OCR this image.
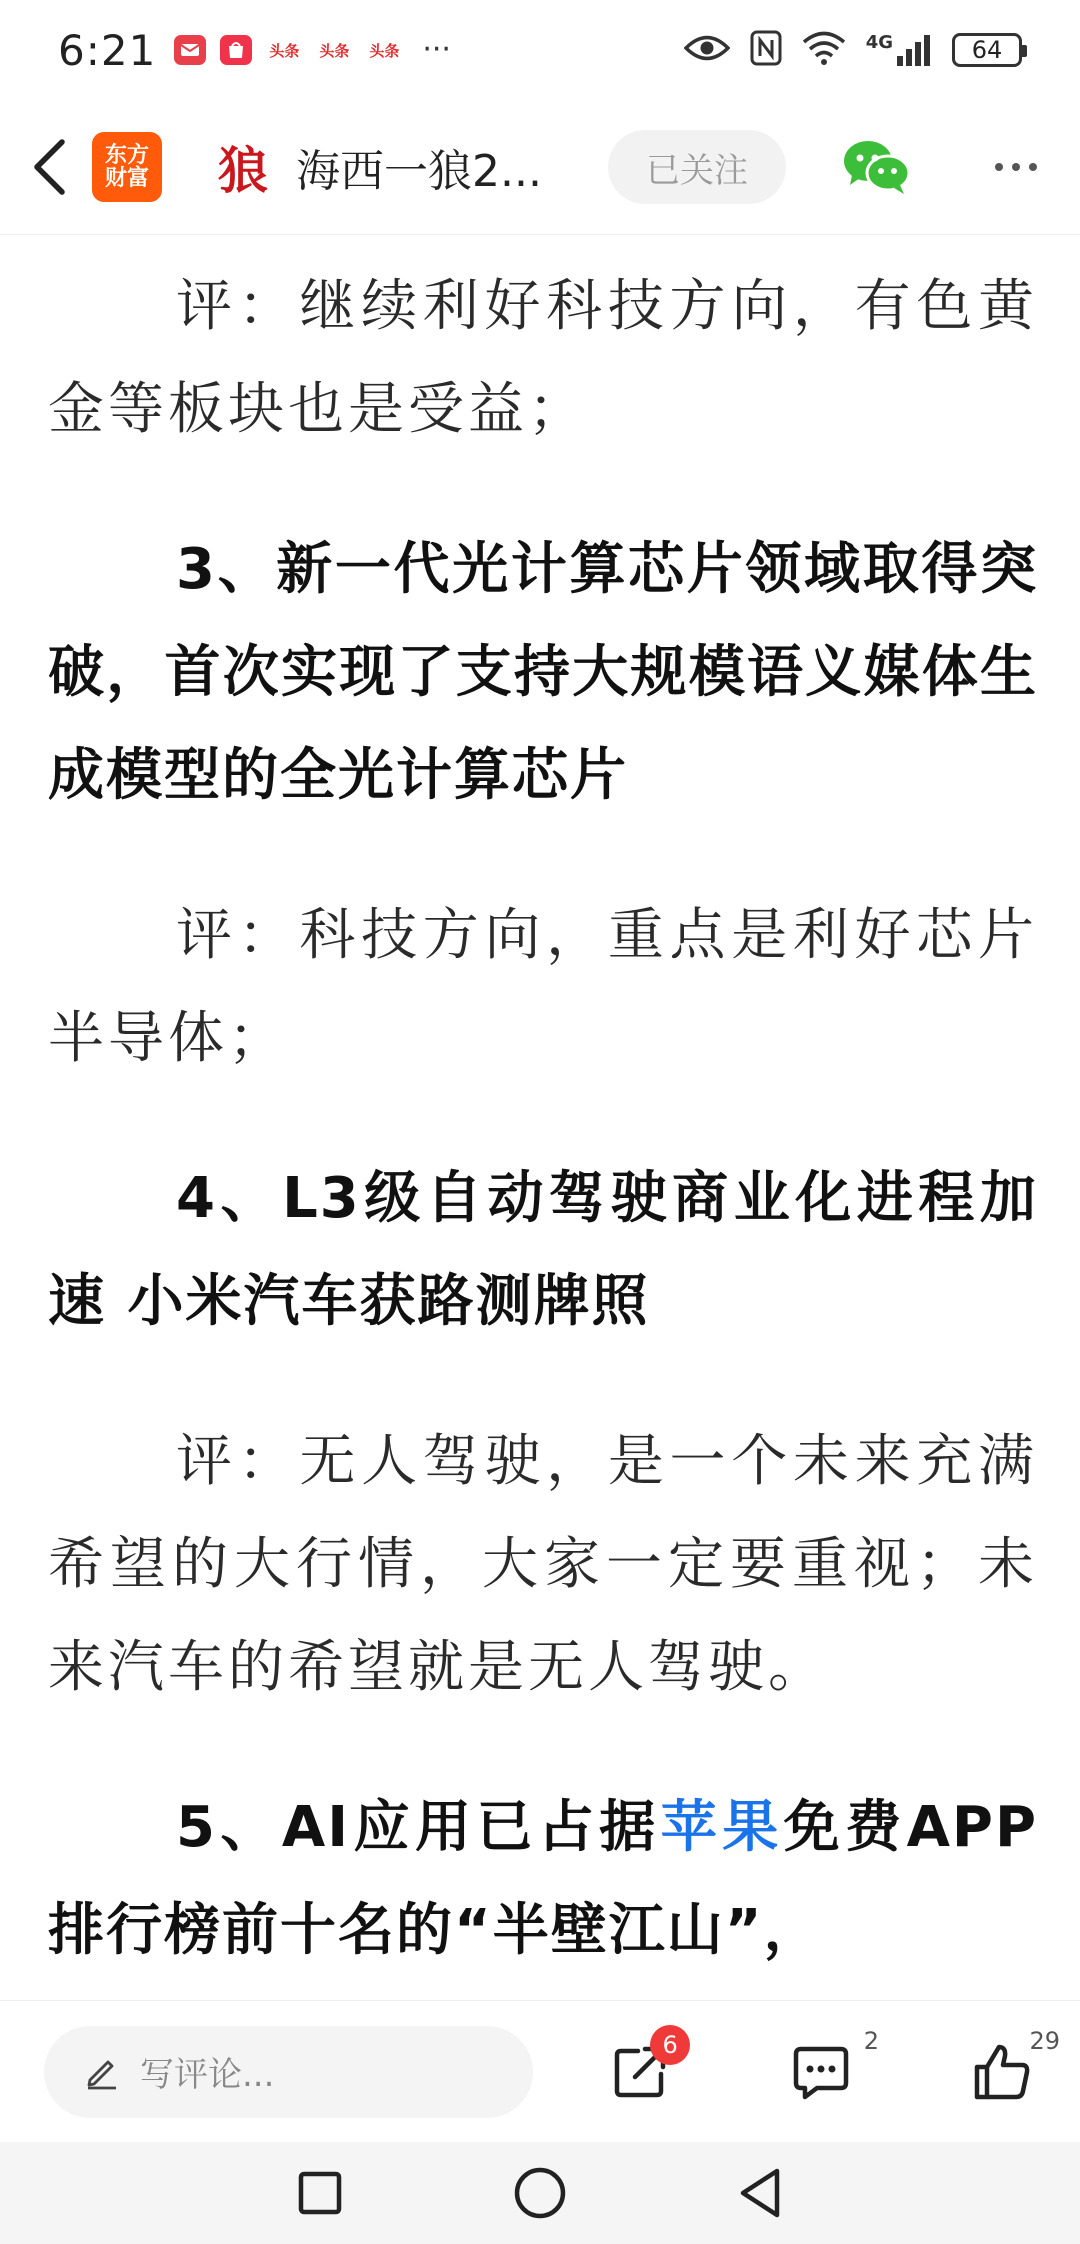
6:21	头条 头条 头条 ···	4G	64
东方
财富 狼 海西一狼2...	已关注

评：继续利好科技方向，有色黄金等板块也是受益；

3、新一代光计算芯片领域取得突破，首次实现了支持大规模语义媒体生成模型的全光计算芯片

评：科技方向，重点是利好芯片半导体；

4、L3级自动驾驶商业化进程加速 小米汽车获路测牌照

评：无人驾驶，是一个未来充满希望的大行情，大家一定要重视；未来汽车的希望就是无人驾驶。

5、AI应用已占据苹果免费APP排行榜前十名的“半壁江山”，

写评论...
6	2	29
